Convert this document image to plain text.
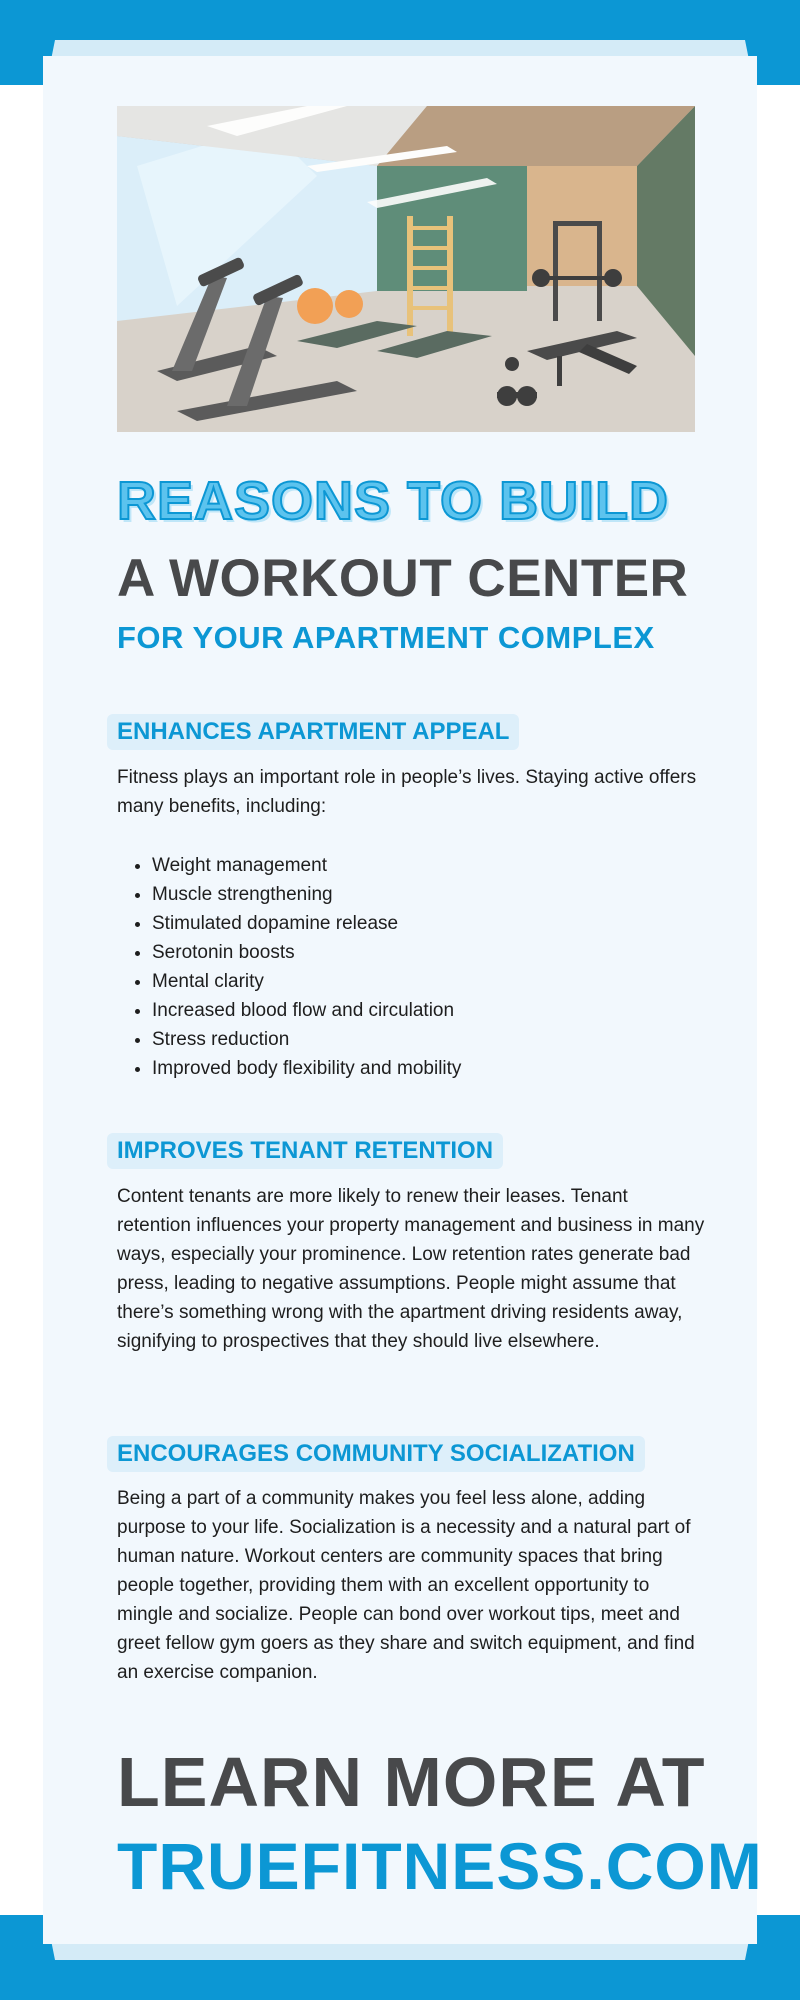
REASONS TO BUILD
A WORKOUT CENTER
FOR YOUR APARTMENT COMPLEX
ENHANCES APARTMENT APPEAL
Fitness plays an important role in people’s lives. Staying active offers many benefits, including:
• Weight management
• Muscle strengthening
• Stimulated dopamine release
• Serotonin boosts
• Mental clarity
• Increased blood flow and circulation
• Stress reduction
• Improved body flexibility and mobility
IMPROVES TENANT RETENTION
Content tenants are more likely to renew their leases. Tenant retention influences your property management and business in many ways, especially your prominence. Low retention rates generate bad press, leading to negative assumptions. People might assume that there’s something wrong with the apartment driving residents away, signifying to prospectives that they should live elsewhere.
ENCOURAGES COMMUNITY SOCIALIZATION
Being a part of a community makes you feel less alone, adding purpose to your life. Socialization is a necessity and a natural part of human nature. Workout centers are community spaces that bring people together, providing them with an excellent opportunity to mingle and socialize. People can bond over workout tips, meet and greet fellow gym goers as they share and switch equipment, and find an exercise companion.
LEARN MORE AT
TRUEFITNESS.COM
